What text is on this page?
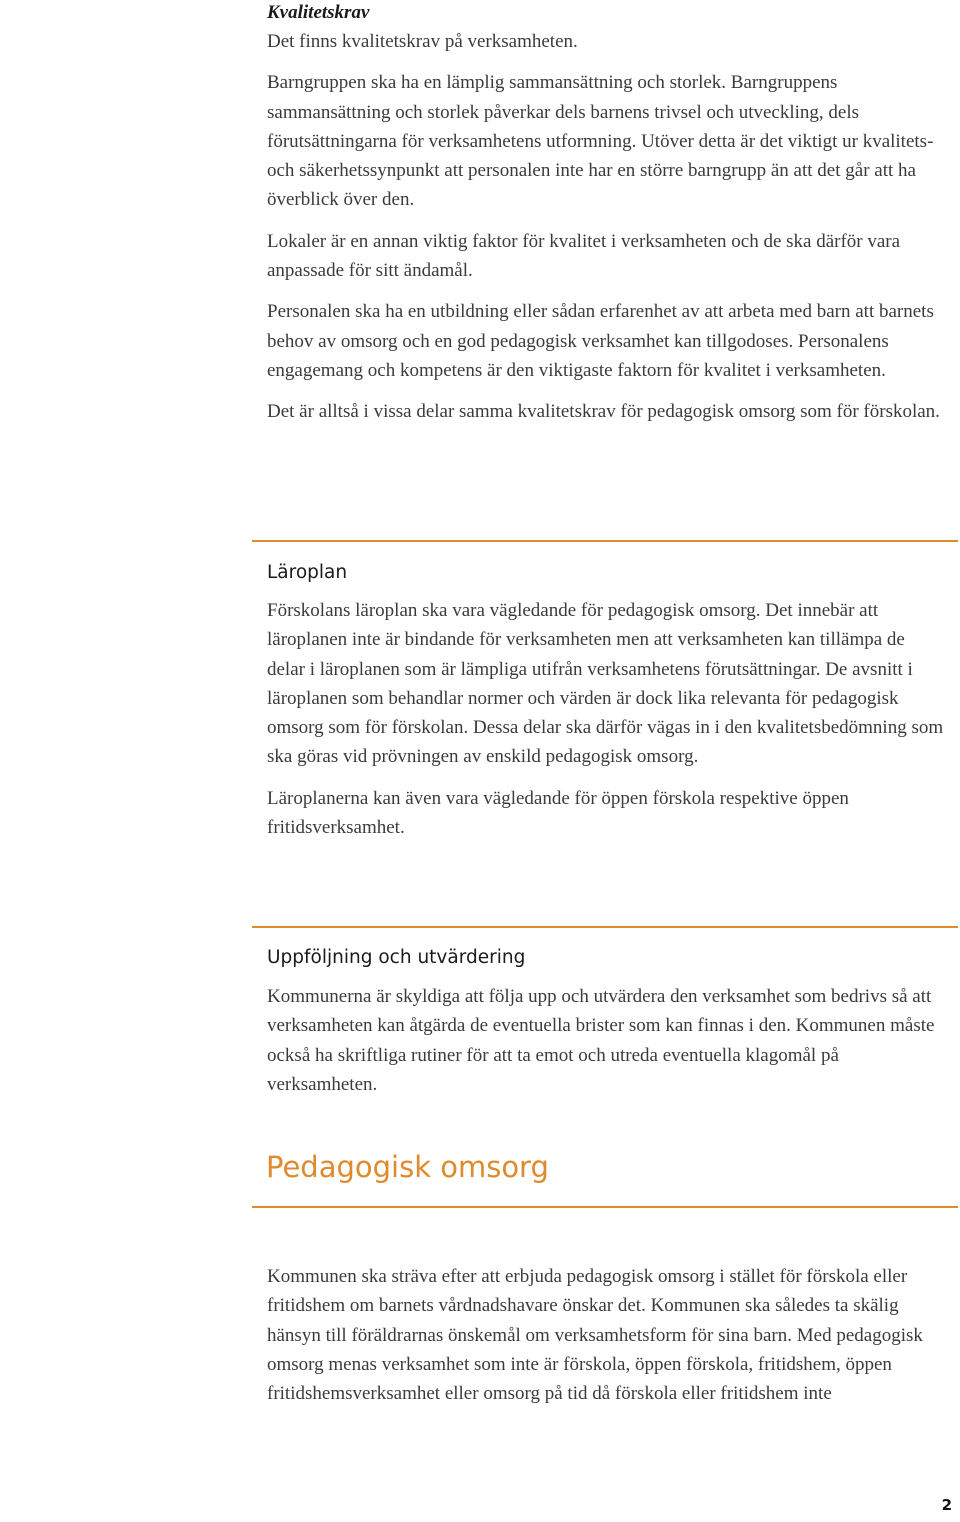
Kvalitetskrav

Det finns kvalitetskrav på verksamheten.

Barngruppen ska ha en lämplig sammansättning och storlek. Barngruppens sammansättning och storlek påverkar dels barnens trivsel och utveckling, dels förutsättningarna för verksamhetens utformning. Utöver detta är det viktigt ur kvalitets- och säkerhetssynpunkt att personalen inte har en större barngrupp än att det går att ha överblick över den.

Lokaler är en annan viktig faktor för kvalitet i verksamheten och de ska därför vara anpassade för sitt ändamål.

Personalen ska ha en utbildning eller sådan erfarenhet av att arbeta med barn att barnets behov av omsorg och en god pedagogisk verksamhet kan tillgodoses. Personalens engagemang och kompetens är den viktigaste faktorn för kvalitet i verksamheten.

Det är alltså i vissa delar samma kvalitetskrav för pedagogisk omsorg som för förskolan.

Läroplan

Förskolans läroplan ska vara vägledande för pedagogisk omsorg. Det innebär att läroplanen inte är bindande för verksamheten men att verksamheten kan tillämpa de delar i läroplanen som är lämpliga utifrån verksamhetens förutsättningar. De avsnitt i läroplanen som behandlar normer och värden är dock lika relevanta för pedagogisk omsorg som för förskolan. Dessa delar ska därför vägas in i den kvalitetsbedömning som ska göras vid prövningen av enskild pedagogisk omsorg.

Läroplanerna kan även vara vägledande för öppen förskola respektive öppen fritidsverksamhet.

Uppföljning och utvärdering

Kommunerna är skyldiga att följa upp och utvärdera den verksamhet som bedrivs så att verksamheten kan åtgärda de eventuella brister som kan finnas i den. Kommunen måste också ha skriftliga rutiner för att ta emot och utreda eventuella klagomål på verksamheten.

Pedagogisk omsorg

Kommunen ska sträva efter att erbjuda pedagogisk omsorg i stället för förskola eller fritidshem om barnets vårdnadshavare önskar det. Kommunen ska således ta skälig hänsyn till föräldrarnas önskemål om verksamhetsform för sina barn. Med pedagogisk omsorg menas verksamhet som inte är förskola, öppen förskola, fritidshem, öppen fritidshemsverksamhet eller omsorg på tid då förskola eller fritidshem inte

2
